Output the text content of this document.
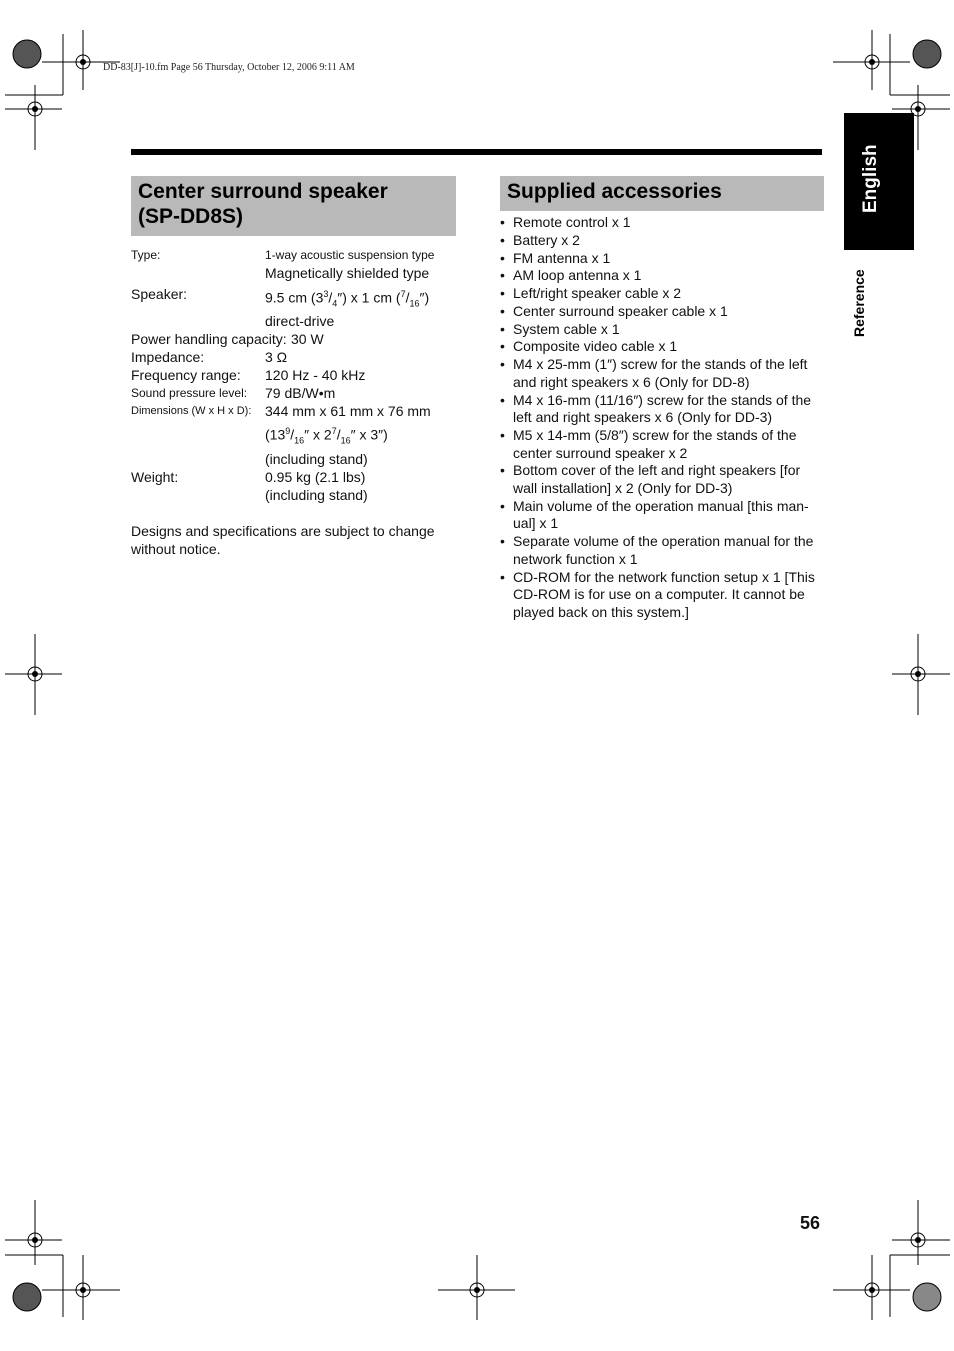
DD-83[J]-10.fm Page 56 Thursday, October 12, 2006 9:11 AM
Center surround speaker
(SP-DD8S)
Type:	1-way acoustic suspension type
Magnetically shielded type
Speaker:	9.5 cm $(3^3/_4'')$ x 1 cm $(^7/_{16}'')$
direct-drive
Power handling capacity: 30 W
Impedance:	3 Ω
Frequency range: 120 Hz - 40 kHz
Sound pressure level: 79 dB/W•m
Dimensions (W x H x D): 344 mm x 61 mm x 76 mm
($13^9/_{16}''$ x $2^7/_{16}''$ x 3″)
(including stand)
Weight:	0.95 kg (2.1 lbs)
(including stand)
Designs and specifications are subject to change without notice.
Supplied accessories
• Remote control x 1
• Battery x 2
• FM antenna x 1
• AM loop antenna x 1
• Left/right speaker cable x 2
• Center surround speaker cable x 1
• System cable x 1
• Composite video cable x 1
• M4 x 25-mm (1″) screw for the stands of the left and right speakers x 6 (Only for DD-8)
• M4 x 16-mm (11/16″) screw for the stands of the left and right speakers x 6 (Only for DD-3)
• M5 x 14-mm (5/8″) screw for the stands of the center surround speaker x 2
• Bottom cover of the left and right speakers [for wall installation] x 2 (Only for DD-3)
• Main volume of the operation manual [this man-ual] x 1
• Separate volume of the operation manual for the network function x 1
• CD-ROM for the network function setup x 1 [This CD-ROM is for use on a computer. It cannot be played back on this system.]
English
Reference
56
